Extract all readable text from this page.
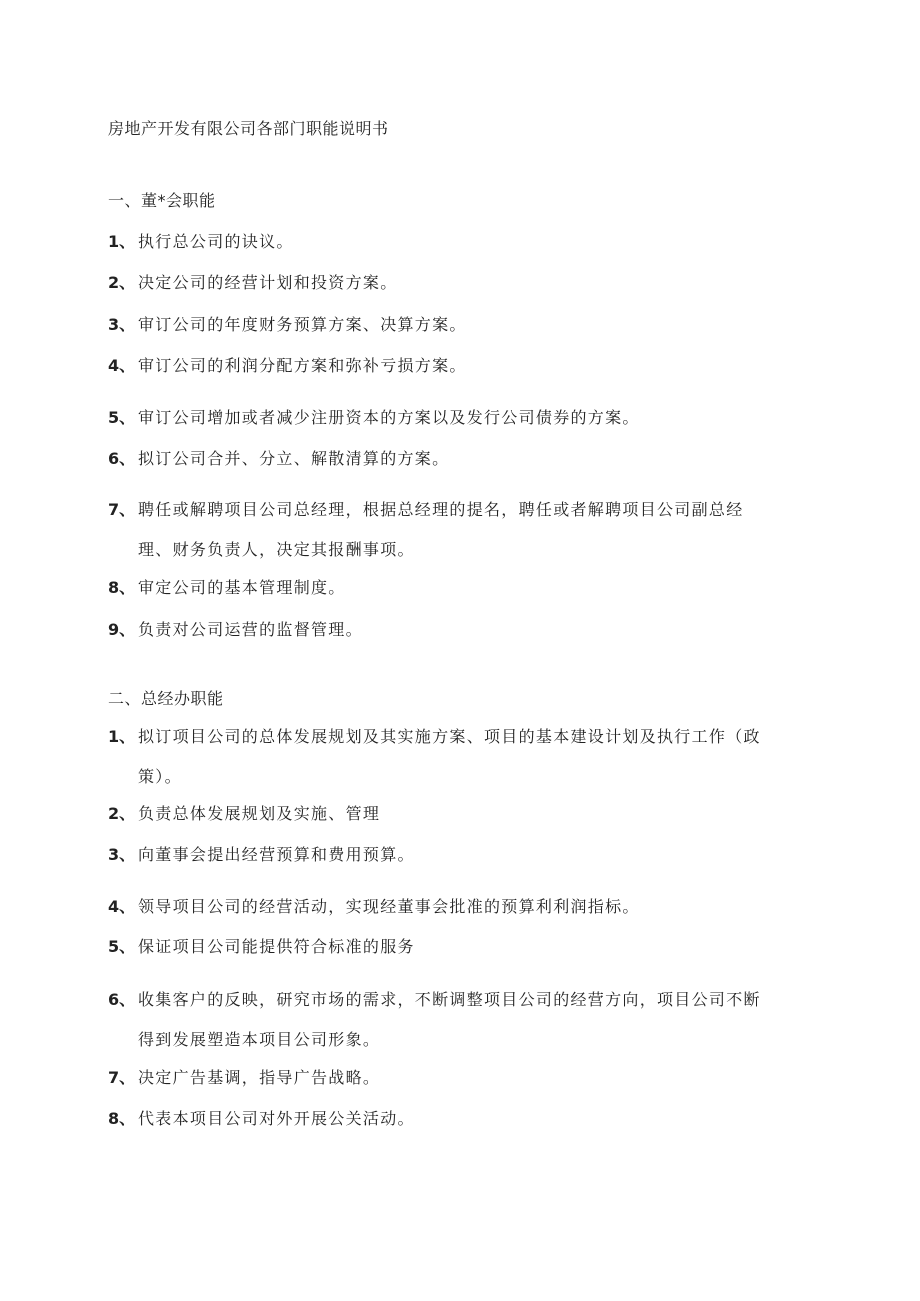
房地产开发有限公司各部门职能说明书
一、董*会职能
1、 执行总公司的诀议。
2、 决定公司的经营计划和投资方案。
3、 审订公司的年度财务预算方案、决算方案。
4、 审订公司的利润分配方案和弥补亏损方案。
5、 审订公司增加或者减少注册资本的方案以及发行公司债券的方案。
6、 拟订公司合并、分立、解散清算的方案。
7、 聘任或解聘项目公司总经理，根据总经理的提名，聘任或者解聘项目公司副总经
理、财务负责人，决定其报酬事项。
8、 审定公司的基本管理制度。
9、 负责对公司运营的监督管理。
二、总经办职能
1、 拟订项目公司的总体发展规划及其实施方案、项目的基本建设计划及执行工作（政
策）。
2、 负责总体发展规划及实施、管理
3、 向董事会提出经营预算和费用预算。
4、 领导项目公司的经营活动，实现经董事会批准的预算利利润指标。
5、 保证项目公司能提供符合标准的服务
6、 收集客户的反映，研究市场的需求，不断调整项目公司的经营方向，项目公司不断
得到发展塑造本项目公司形象。
7、 决定广告基调，指导广告战略。
8、 代表本项目公司对外开展公关活动。
